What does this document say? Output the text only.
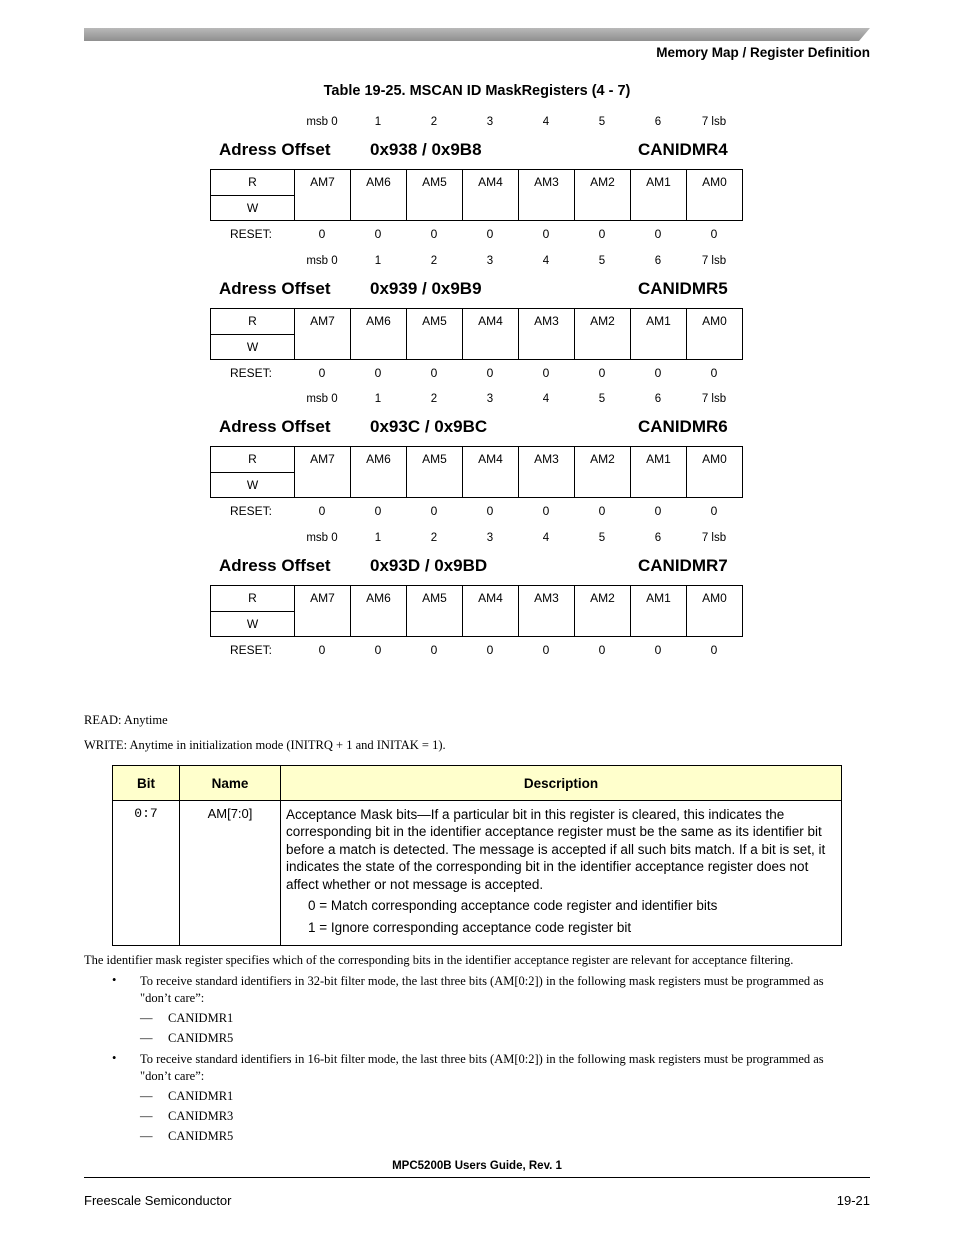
Memory Map / Register Definition
Table 19-25. MSCAN ID MaskRegisters (4 - 7)
msb 0	1	2	3	4	5	6	7 lsb
Adress Offset 0x938 / 0x9B8	CANIDMR4
R
W
AM7	AM6	AM5	AM4	AM3	AM2	AM1	AM0
RESET:	0	0	0	0	0	0	0	0
msb 0	1	2	3	4	5	6	7 lsb
Adress Offset 0x939 / 0x9B9	CANIDMR5
R
W
AM7	AM6	AM5	AM4	AM3	AM2	AM1	AM0
RESET:	0	0	0	0	0	0	0	0
msb 0	1	2	3	4	5	6	7 lsb
Adress Offset 0x93C / 0x9BC	CANIDMR6
R
W
AM7	AM6	AM5	AM4	AM3	AM2	AM1	AM0
RESET:	0	0	0	0	0	0	0	0
msb 0	1	2	3	4	5	6	7 lsb
Adress Offset 0x93D / 0x9BD	CANIDMR7
R
W
AM7	AM6	AM5	AM4	AM3	AM2	AM1	AM0
RESET:	0	0	0	0	0	0	0	0
READ: Anytime
WRITE: Anytime in initialization mode (INITRQ + 1 and INITAK = 1).
Bit	Name	Description
0:7	AM[7:0]	Acceptance Mask bits—If a particular bit in this register is cleared, this indicates the corresponding bit in the identifier acceptance register must be the same as its identifier bit before a match is detected. The message is accepted if all such bits match. If a bit is set, it indicates the state of the corresponding bit in the identifier acceptance register does not affect whether or not message is accepted.
0 = Match corresponding acceptance code register and identifier bits
1 = Ignore corresponding acceptance code register bit
The identifier mask register specifies which of the corresponding bits in the identifier acceptance register are relevant for acceptance filtering.
• To receive standard identifiers in 32-bit filter mode, the last three bits (AM[0:2]) in the following mask registers must be programmed as "don’t care”:
— CANIDMR1
— CANIDMR5
• To receive standard identifiers in 16-bit filter mode, the last three bits (AM[0:2]) in the following mask registers must be programmed as "don’t care”:
— CANIDMR1
— CANIDMR3
— CANIDMR5
MPC5200B Users Guide, Rev. 1
Freescale Semiconductor	19-21
